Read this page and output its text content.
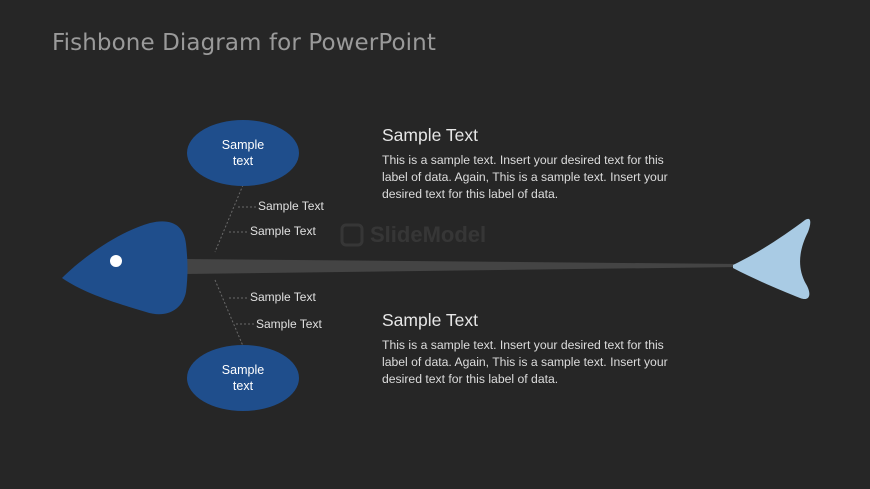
Fishbone Diagram for PowerPoint
SlideModel
Sample
text
Sample
text
Sample Text
Sample Text
Sample Text
Sample Text
Sample Text
This is a sample text. Insert your desired text for this label of data. Again, This is a sample text. Insert your desired text for this label of data.
Sample Text
This is a sample text. Insert your desired text for this label of data. Again, This is a sample text. Insert your desired text for this label of data.
